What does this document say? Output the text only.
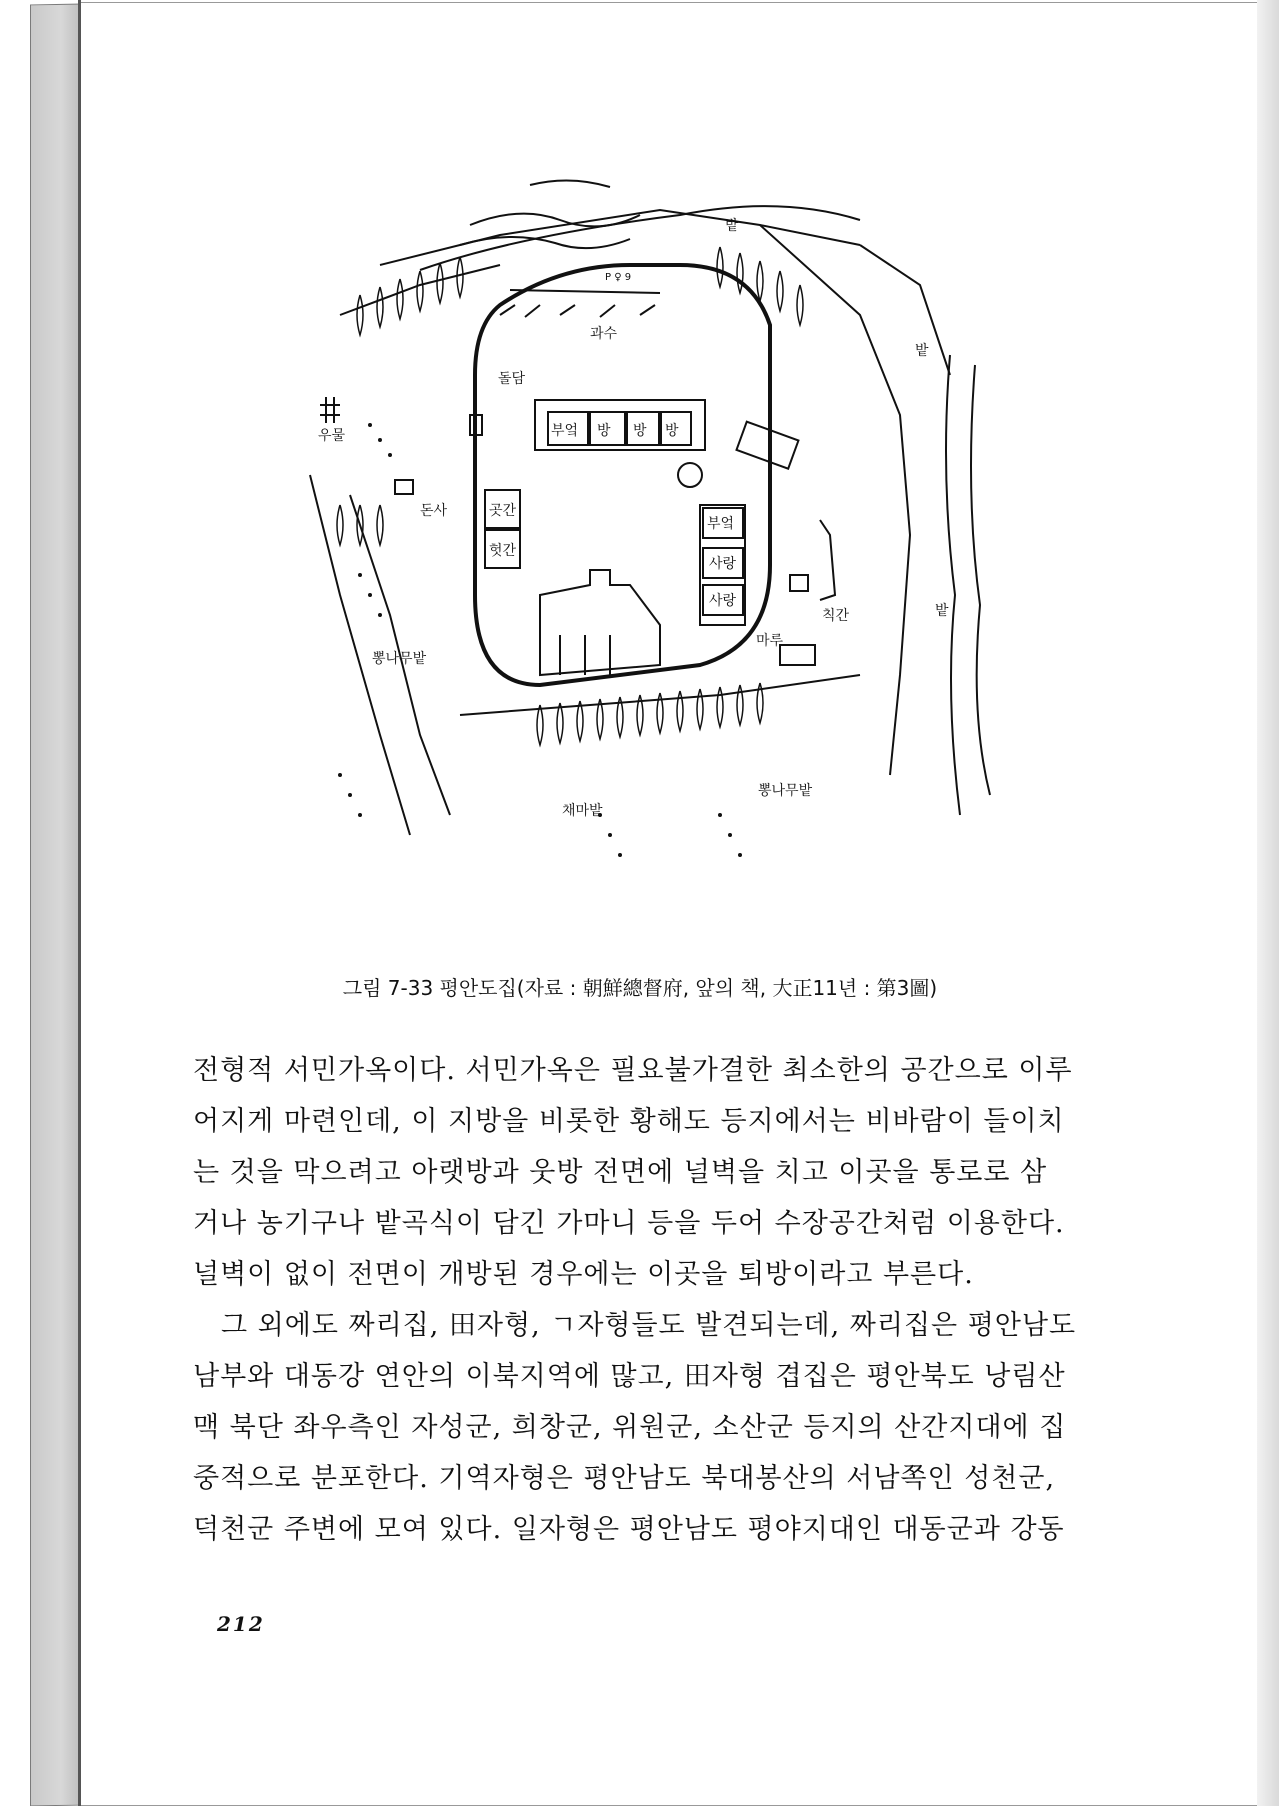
밭
밭
밭
P ♀ 9
과수
돌담
우물	부엌 방 방 방
돈사	곳간
헛간
부엌
사랑
사랑
칙간
마루
뽕나무밭
채마밭
뽕나무밭
그림 7-33 평안도집(자료 : 朝鮮總督府, 앞의 책, 大正11년 : 第3圖)

전형적 서민가옥이다. 서민가옥은 필요불가결한 최소한의 공간으로 이루

어지게 마련인데, 이 지방을 비롯한 황해도 등지에서는 비바람이 들이치

는 것을 막으려고 아랫방과 웃방 전면에 널벽을 치고 이곳을 통로로 삼

거나 농기구나 밭곡식이 담긴 가마니 등을 두어 수장공간처럼 이용한다.

널벽이 없이 전면이 개방된 경우에는 이곳을 퇴방이라고 부른다.

그 외에도 짜리집, 田자형, ㄱ자형들도 발견되는데, 짜리집은 평안남도

남부와 대동강 연안의 이북지역에 많고, 田자형 겹집은 평안북도 낭림산

맥 북단 좌우측인 자성군, 희창군, 위원군, 소산군 등지의 산간지대에 집

중적으로 분포한다. 기역자형은 평안남도 북대봉산의 서남쪽인 성천군,

덕천군 주변에 모여 있다. 일자형은 평안남도 평야지대인 대동군과 강동

212
